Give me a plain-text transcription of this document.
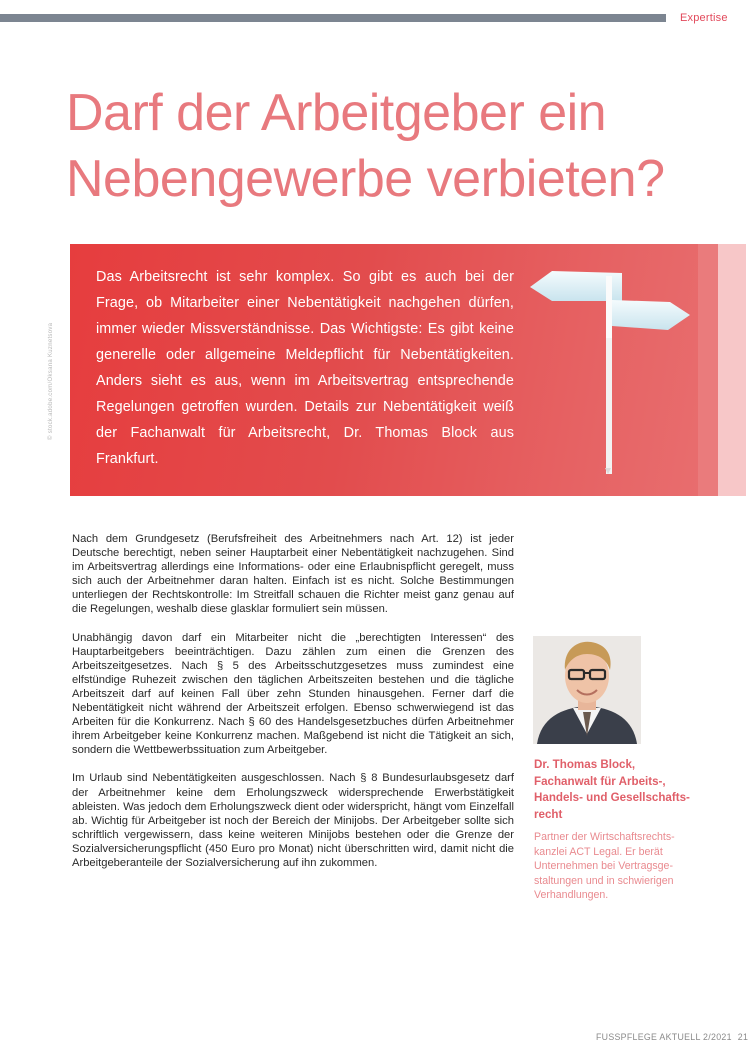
Expertise
Darf der Arbeitgeber ein
Nebengewerbe verbieten?

Das Arbeitsrecht ist sehr komplex. So gibt es auch bei der Frage, ob Mitarbeiter einer Nebentätigkeit nachgehen dürfen, immer wieder Missverständnisse. Das Wichtigste: Es gibt keine generelle oder allgemeine Meldepflicht für Nebentätigkeiten. Anders sieht es aus, wenn im Arbeitsvertrag entsprechende Regelungen getroffen wurden. Details zur Nebentätigkeit weiß der Fachanwalt für Arbeitsrecht, Dr. Thomas Block aus Frankfurt.

© stock.adobe.com/Oksana Kuznetsova

Nach dem Grundgesetz (Berufsfreiheit des Arbeitnehmers nach Art. 12) ist jeder Deutsche berechtigt, neben seiner Hauptarbeit einer Nebentätigkeit nachzugehen. Sind im Arbeitsvertrag allerdings eine Informations- oder eine Erlaubnispflicht geregelt, muss sich auch der Arbeitnehmer daran halten. Einfach ist es nicht. Solche Bestimmungen unterliegen der Rechtskontrolle: Im Streitfall schauen die Richter meist ganz genau auf die Regelungen, weshalb diese glasklar formuliert sein müssen.

Unabhängig davon darf ein Mitarbeiter nicht die „berechtigten Interessen“ des Hauptarbeitgebers beeinträchtigen. Dazu zählen zum einen die Grenzen des Arbeitszeitgesetzes. Nach § 5 des Arbeitsschutzgesetzes muss zumindest eine elfstündige Ruhezeit zwischen den täglichen Arbeitszeiten bestehen und die tägliche Arbeitszeit darf auf keinen Fall über zehn Stunden hinausgehen. Ferner darf die Nebentätigkeit nicht während der Arbeitszeit erfolgen. Ebenso schwerwiegend ist das Arbeiten für die Konkurrenz. Nach § 60 des Handelsgesetzbuches dürfen Arbeitnehmer ihrem Arbeitgeber keine Konkurrenz machen. Maßgebend ist nicht die Tätigkeit an sich, sondern die Wettbewerbssituation zum Arbeitgeber.

Im Urlaub sind Nebentätigkeiten ausgeschlossen. Nach § 8 Bundesurlaubsgesetz darf der Arbeitnehmer keine dem Erholungszweck widersprechende Erwerbstätigkeit ableisten. Was jedoch dem Erholungszweck dient oder widerspricht, hängt vom Einzelfall ab. Wichtig für Arbeitgeber ist noch der Bereich der Minijobs. Der Arbeitgeber sollte sich schriftlich vergewissern, dass keine weiteren Minijobs bestehen oder die Grenze der Sozialversicherungspflicht (450 Euro pro Monat) nicht überschritten wird, damit nicht die Arbeitgeberanteile der Sozialversicherung auf ihn zukommen.

Dr. Thomas Block,
Fachanwalt für Arbeits-,
Handels- und Gesellschafts-
recht

Partner der Wirtschaftsrechts-
kanzlei ACT Legal. Er berät
Unternehmen bei Vertragsge-
staltungen und in schwierigen
Verhandlungen.

FUSSPFLEGE AKTUELL 2/2021 21
